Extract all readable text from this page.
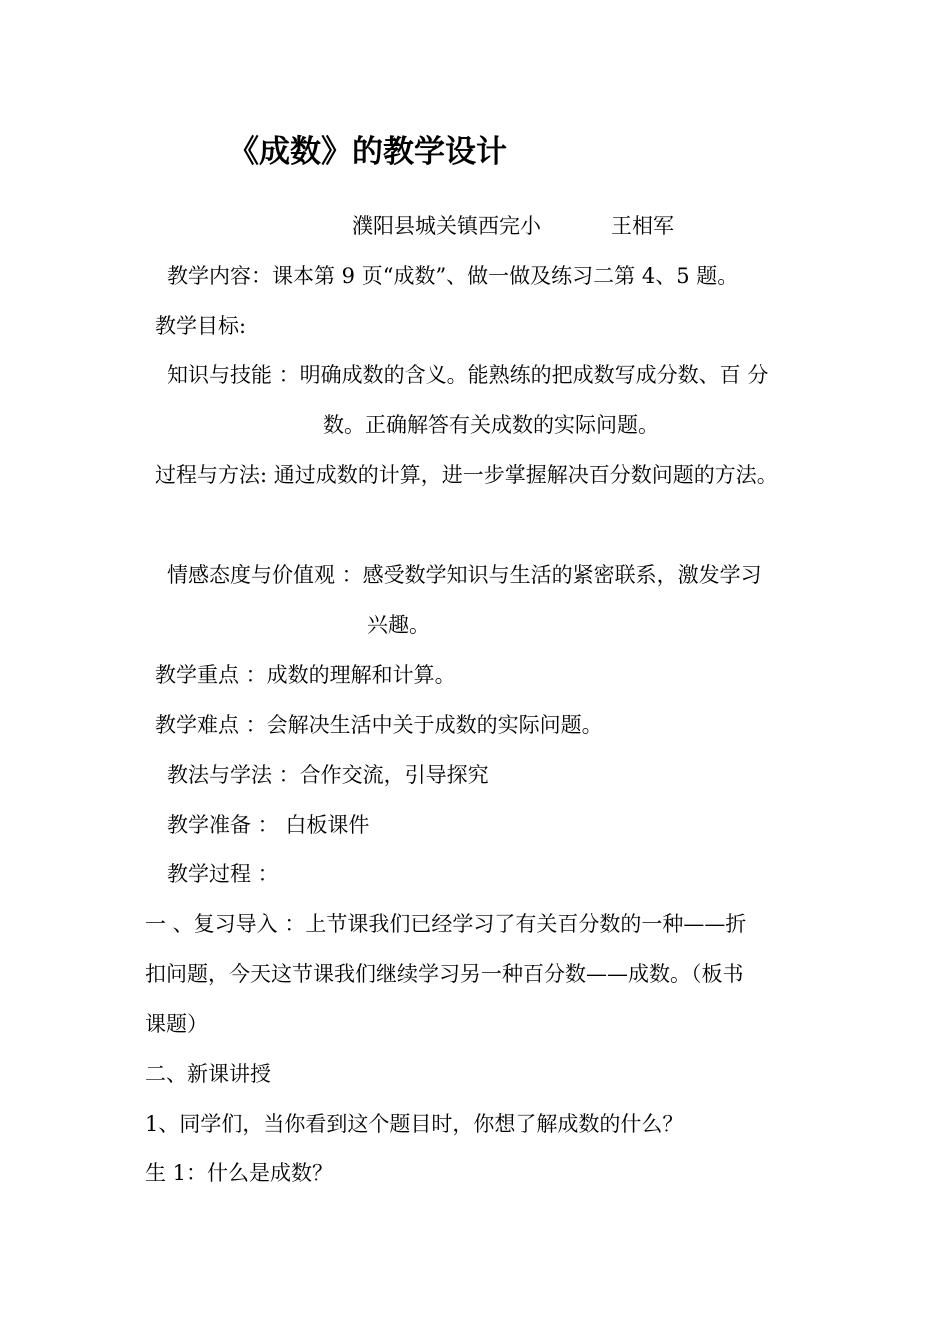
《成数》的教学设计
濮阳县城关镇西完小	王相军
教学内容：课本第 9 页“成数”、做一做及练习二第 4、5 题。
教学目标:
知识与技能 ：明确成数的含义。能熟练的把成数写成分数、百 分
数。正确解答有关成数的实际问题。
过程与方法: 通过成数的计算，进一步掌握解决百分数问题的方法。
情感态度与价值观 ：感受数学知识与生活的紧密联系，激发学习
兴趣。
教学重点 ：成数的理解和计算。
教学难点 ：会解决生活中关于成数的实际问题。
教法与学法 ：合作交流，引导探究
教学准备 ： 白板课件
教学过程 ：
一 、复习导入 ：上节课我们已经学习了有关百分数的一种——折
扣问题，今天这节课我们继续学习另一种百分数——成数。（板书
课题）
二、新课讲授
1、同学们，当你看到这个题目时，你想了解成数的什么？
生 1：什么是成数？
